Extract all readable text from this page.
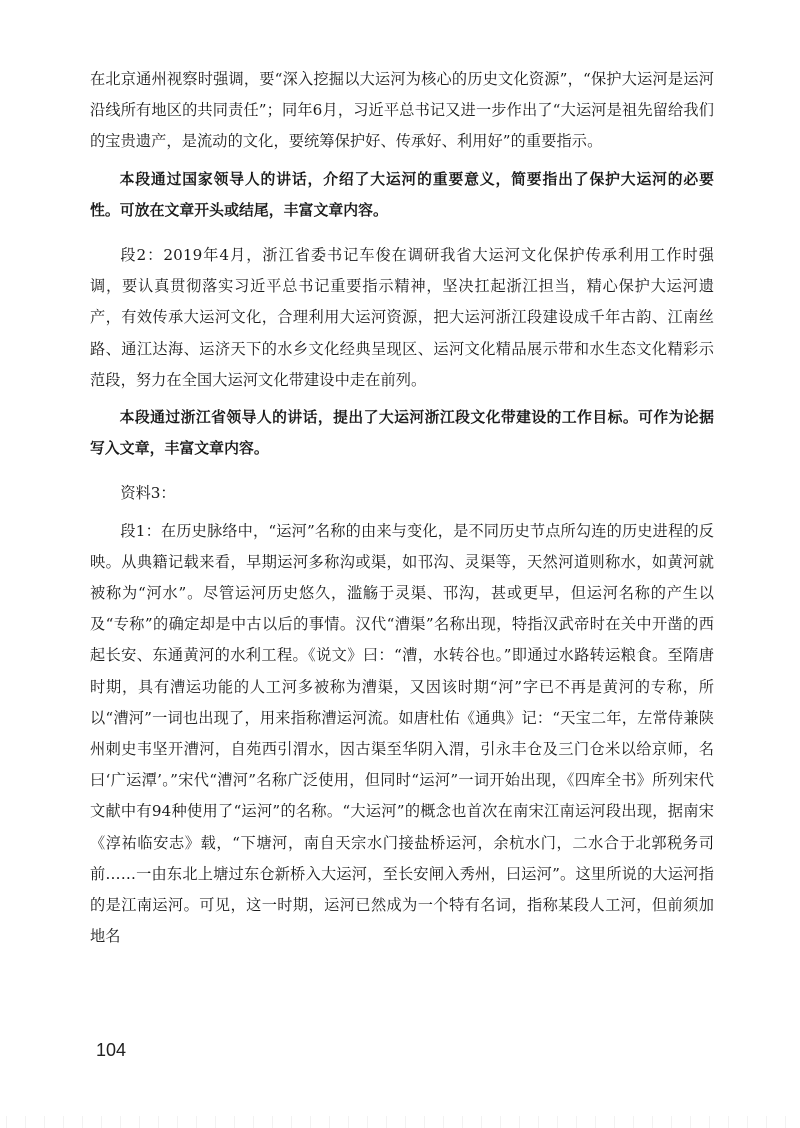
在北京通州视察时强调，要“深入挖掘以大运河为核心的历史文化资源”，“保护大运河是运河沿线所有地区的共同责任”；同年6月，习近平总书记又进一步作出了“大运河是祖先留给我们的宝贵遗产，是流动的文化，要统筹保护好、传承好、利用好”的重要指示。

本段通过国家领导人的讲话，介绍了大运河的重要意义，简要指出了保护大运河的必要性。可放在文章开头或结尾，丰富文章内容。

段2：2019年4月，浙江省委书记车俊在调研我省大运河文化保护传承利用工作时强调，要认真贯彻落实习近平总书记重要指示精神，坚决扛起浙江担当，精心保护大运河遗产，有效传承大运河文化，合理利用大运河资源，把大运河浙江段建设成千年古韵、江南丝路、通江达海、运济天下的水乡文化经典呈现区、运河文化精品展示带和水生态文化精彩示范段，努力在全国大运河文化带建设中走在前列。

本段通过浙江省领导人的讲话，提出了大运河浙江段文化带建设的工作目标。可作为论据写入文章，丰富文章内容。

资料3：

段1：在历史脉络中，“运河”名称的由来与变化，是不同历史节点所勾连的历史进程的反映。从典籍记载来看，早期运河多称沟或渠，如邗沟、灵渠等，天然河道则称水，如黄河就被称为“河水”。尽管运河历史悠久，滥觞于灵渠、邗沟，甚或更早，但运河名称的产生以及“专称”的确定却是中古以后的事情。汉代“漕渠”名称出现，特指汉武帝时在关中开凿的西起长安、东通黄河的水利工程。《说文》曰：“漕，水转谷也。”即通过水路转运粮食。至隋唐时期，具有漕运功能的人工河多被称为漕渠，又因该时期“河”字已不再是黄河的专称，所以“漕河”一词也出现了，用来指称漕运河流。如唐杜佑《通典》记：“天宝二年，左常侍兼陕州刺史韦坚开漕河，自苑西引渭水，因古渠至华阴入渭，引永丰仓及三门仓米以给京师，名曰‘广运潭’。”宋代“漕河”名称广泛使用，但同时“运河”一词开始出现，《四库全书》所列宋代文献中有94种使用了“运河”的名称。“大运河”的概念也首次在南宋江南运河段出现，据南宋《淳祐临安志》载，“下塘河，南自天宗水门接盐桥运河，余杭水门，二水合于北郭税务司前……一由东北上塘过东仓新桥入大运河，至长安闸入秀州，曰运河”。这里所说的大运河指的是江南运河。可见，这一时期，运河已然成为一个特有名词，指称某段人工河，但前须加地名

104
